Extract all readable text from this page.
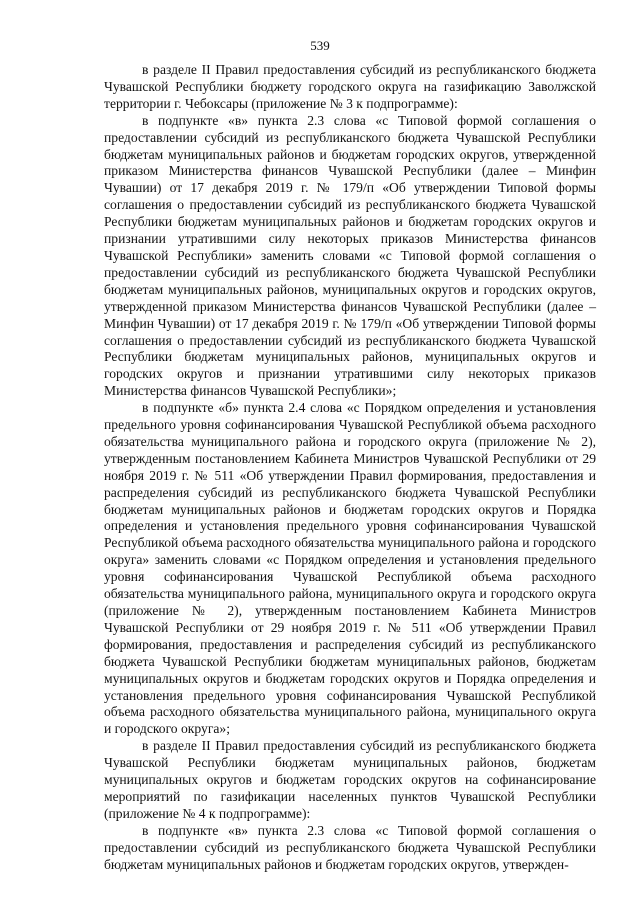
539

в разделе II Правил предоставления субсидий из республиканского бюджета Чувашской Республики бюджету городского округа на газификацию Заволжской территории г. Чебоксары (приложение № 3 к подпрограмме):

в подпункте «в» пункта 2.3 слова «с Типовой формой соглашения о предоставлении субсидий из республиканского бюджета Чувашской Республики бюджетам муниципальных районов и бюджетам городских округов, утвержденной приказом Министерства финансов Чувашской Республики (далее – Минфин Чувашии) от 17 декабря 2019 г. № 179/п «Об утверждении Типовой формы соглашения о предоставлении субсидий из республиканского бюджета Чувашской Республики бюджетам муниципальных районов и бюджетам городских округов и признании утратившими силу некоторых приказов Министерства финансов Чувашской Республики» заменить словами «с Типовой формой соглашения о предоставлении субсидий из республиканского бюджета Чувашской Республики бюджетам муниципальных районов, муниципальных округов и городских округов, утвержденной приказом Министерства финансов Чувашской Республики (далее – Минфин Чувашии) от 17 декабря 2019 г. № 179/п «Об утверждении Типовой формы соглашения о предоставлении субсидий из республиканского бюджета Чувашской Республики бюджетам муниципальных районов, муниципальных округов и городских округов и признании утратившими силу некоторых приказов Министерства финансов Чувашской Республики»;

в подпункте «б» пункта 2.4 слова «с Порядком определения и установления предельного уровня софинансирования Чувашской Республикой объема расходного обязательства муниципального района и городского округа (приложение № 2), утвержденным постановлением Кабинета Министров Чувашской Республики от 29 ноября 2019 г. № 511 «Об утверждении Правил формирования, предоставления и распределения субсидий из республиканского бюджета Чувашской Республики бюджетам муниципальных районов и бюджетам городских округов и Порядка определения и установления предельного уровня софинансирования Чувашской Республикой объема расходного обязательства муниципального района и городского округа» заменить словами «с Порядком определения и установления предельного уровня софинансирования Чувашской Республикой объема расходного обязательства муниципального района, муниципального округа и городского округа (приложение № 2), утвержденным постановлением Кабинета Министров Чувашской Республики от 29 ноября 2019 г. № 511 «Об утверждении Правил формирования, предоставления и распределения субсидий из республиканского бюджета Чувашской Республики бюджетам муниципальных районов, бюджетам муниципальных округов и бюджетам городских округов и Порядка определения и установления предельного уровня софинансирования Чувашской Республикой объема расходного обязательства муниципального района, муниципального округа и городского округа»;

в разделе II Правил предоставления субсидий из республиканского бюджета Чувашской Республики бюджетам муниципальных районов, бюджетам муниципальных округов и бюджетам городских округов на софинансирование мероприятий по газификации населенных пунктов Чувашской Республики (приложение № 4 к подпрограмме):

в подпункте «в» пункта 2.3 слова «с Типовой формой соглашения о предоставлении субсидий из республиканского бюджета Чувашской Республики бюджетам муниципальных районов и бюджетам городских округов, утвержден-
